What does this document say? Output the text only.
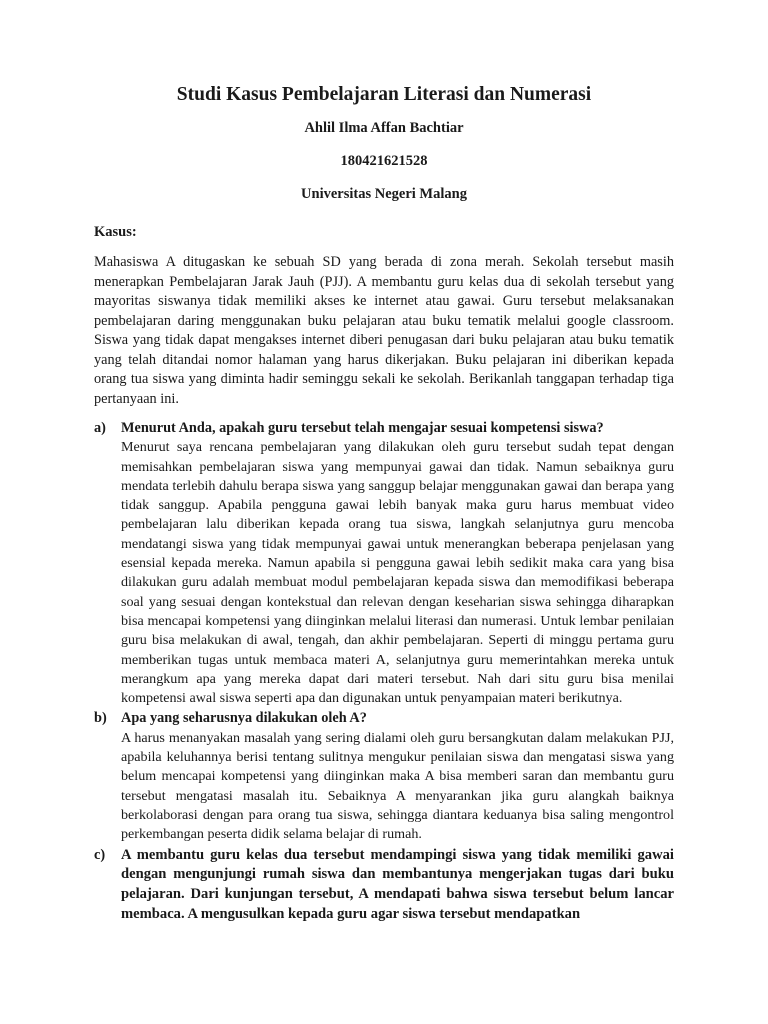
Studi Kasus Pembelajaran Literasi dan Numerasi
Ahlil Ilma Affan Bachtiar
180421621528
Universitas Negeri Malang
Kasus:
Mahasiswa A ditugaskan ke sebuah SD yang berada di zona merah. Sekolah tersebut masih menerapkan Pembelajaran Jarak Jauh (PJJ). A membantu guru kelas dua di sekolah tersebut yang mayoritas siswanya tidak memiliki akses ke internet atau gawai. Guru tersebut melaksanakan pembelajaran daring menggunakan buku pelajaran atau buku tematik melalui google classroom. Siswa yang tidak dapat mengakses internet diberi penugasan dari buku pelajaran atau buku tematik yang telah ditandai nomor halaman yang harus dikerjakan. Buku pelajaran ini diberikan kepada orang tua siswa yang diminta hadir seminggu sekali ke sekolah. Berikanlah tanggapan terhadap tiga pertanyaan ini.
a)	Menurut Anda, apakah guru tersebut telah mengajar sesuai kompetensi siswa?
Menurut saya rencana pembelajaran yang dilakukan oleh guru tersebut sudah tepat dengan memisahkan pembelajaran siswa yang mempunyai gawai dan tidak. Namun sebaiknya guru mendata terlebih dahulu berapa siswa yang sanggup belajar menggunakan gawai dan berapa yang tidak sanggup. Apabila pengguna gawai lebih banyak maka guru harus membuat video pembelajaran lalu diberikan kepada orang tua siswa, langkah selanjutnya guru mencoba mendatangi siswa yang tidak mempunyai gawai untuk menerangkan beberapa penjelasan yang esensial kepada mereka. Namun apabila si pengguna gawai lebih sedikit maka cara yang bisa dilakukan guru adalah membuat modul pembelajaran kepada siswa dan memodifikasi beberapa soal yang sesuai dengan kontekstual dan relevan dengan keseharian siswa sehingga diharapkan bisa mencapai kompetensi yang diinginkan melalui literasi dan numerasi. Untuk lembar penilaian guru bisa melakukan di awal, tengah, dan akhir pembelajaran. Seperti di minggu pertama guru memberikan tugas untuk membaca materi A, selanjutnya guru memerintahkan mereka untuk merangkum apa yang mereka dapat dari materi tersebut. Nah dari situ guru bisa menilai kompetensi awal siswa seperti apa dan digunakan untuk penyampaian materi berikutnya.
b) Apa yang seharusnya dilakukan oleh A?
A harus menanyakan masalah yang sering dialami oleh guru bersangkutan dalam melakukan PJJ, apabila keluhannya berisi tentang sulitnya mengukur penilaian siswa dan mengatasi siswa yang belum mencapai kompetensi yang diinginkan maka A bisa memberi saran dan membantu guru tersebut mengatasi masalah itu. Sebaiknya A menyarankan jika guru alangkah baiknya berkolaborasi dengan para orang tua siswa, sehingga diantara keduanya bisa saling mengontrol perkembangan peserta didik selama belajar di rumah.
c)	A membantu guru kelas dua tersebut mendampingi siswa yang tidak memiliki gawai dengan mengunjungi rumah siswa dan membantunya mengerjakan tugas dari buku pelajaran. Dari kunjungan tersebut, A mendapati bahwa siswa tersebut belum lancar membaca. A mengusulkan kepada guru agar siswa tersebut mendapatkan
